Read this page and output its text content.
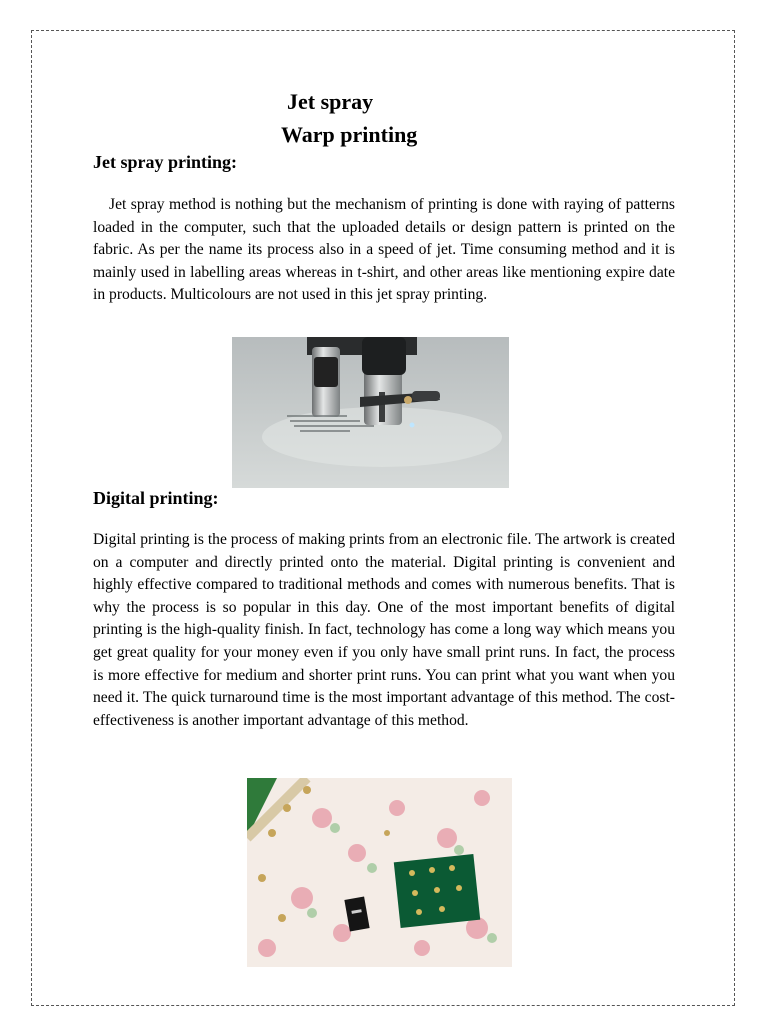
Jet spray
Warp printing
Jet spray printing:

Jet spray method is nothing but the mechanism of printing is done with raying of patterns loaded in the computer, such that the uploaded details or design pattern is printed on the fabric. As per the name its process also in a speed of jet. Time consuming method and it is mainly used in labelling areas whereas in t-shirt, and other areas like mentioning expire date in products. Multicolours are not used in this jet spray printing.

Digital printing:

Digital printing is the process of making prints from an electronic file. The artwork is created on a computer and directly printed onto the material. Digital printing is convenient and highly effective compared to traditional methods and comes with numerous benefits. That is why the process is so popular in this day. One of the most important benefits of digital printing is the high-quality finish. In fact, technology has come a long way which means you get great quality for your money even if you only have small print runs. In fact, the process is more effective for medium and shorter print runs. You can print what you want when you need it. The quick turnaround time is the most important advantage of this method. The cost-effectiveness is another important advantage of this method.
